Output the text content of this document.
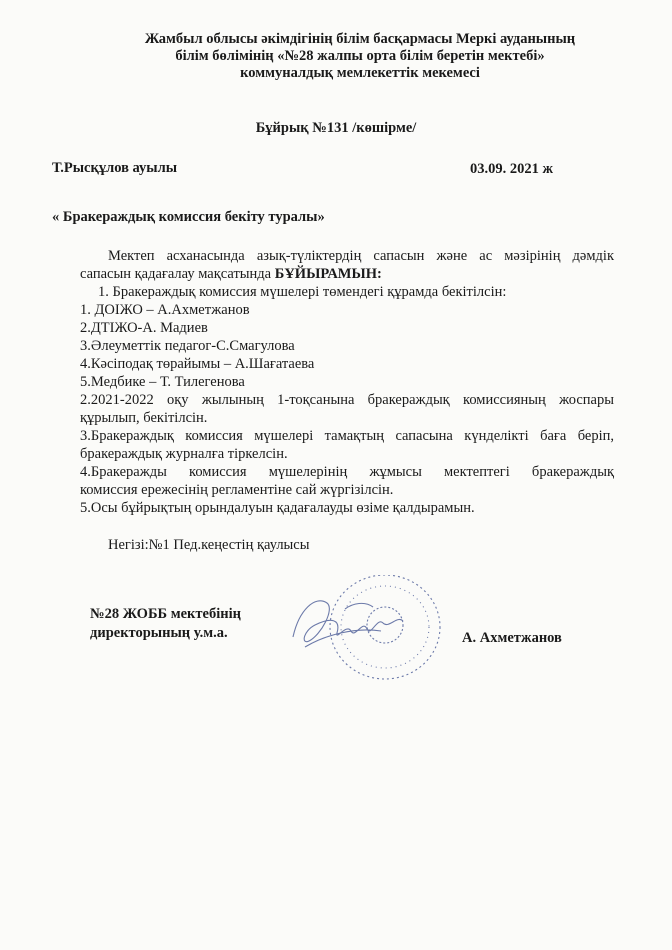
Жамбыл облысы әкімдігінің білім басқармасы Меркі ауданының
білім бөлімінің «№28 жалпы орта білім беретін мектебі»
коммуналдық мемлекеттік мекемесі
Бұйрық №131 /көшірме/
Т.Рысқұлов ауылы	03.09. 2021 ж
« Бракераждық комиссия бекіту туралы»

Мектеп асханасында азық-түліктердің сапасын және ас мәзірінің дәмдік

сапасын қадағалау мақсатында БҰЙЫРАМЫН:

1. Бракераждық комиссия мүшелері төмендегі құрамда бекітілсін:

1. ДОІЖО – А.Ахметжанов

2.ДТІЖО-А. Мадиев

3.Әлеуметтік педагог-С.Смагулова

4.Кәсіподақ төрайымы – А.Шағатаева

5.Медбике – Т. Тилегенова

2.2021-2022 оқу жылының 1-тоқсанына бракераждық комиссияның жоспары

құрылып, бекітілсін.

3.Бракераждық комиссия мүшелері тамақтың сапасына күнделікті баға беріп,

бракераждық журналға тіркелсін.

4.Бракеражды комиссия мүшелерінің жұмысы мектептегі бракераждық

комиссия ережесінің регламентіне сай жүргізілсін.

5.Осы бұйрықтың орындалуын қадағалауды өзіме қалдырамын.

Негізі:№1 Пед.кеңестің қаулысы
№28 ЖОББ мектебінің
директорының у.м.а.	А. Ахметжанов
